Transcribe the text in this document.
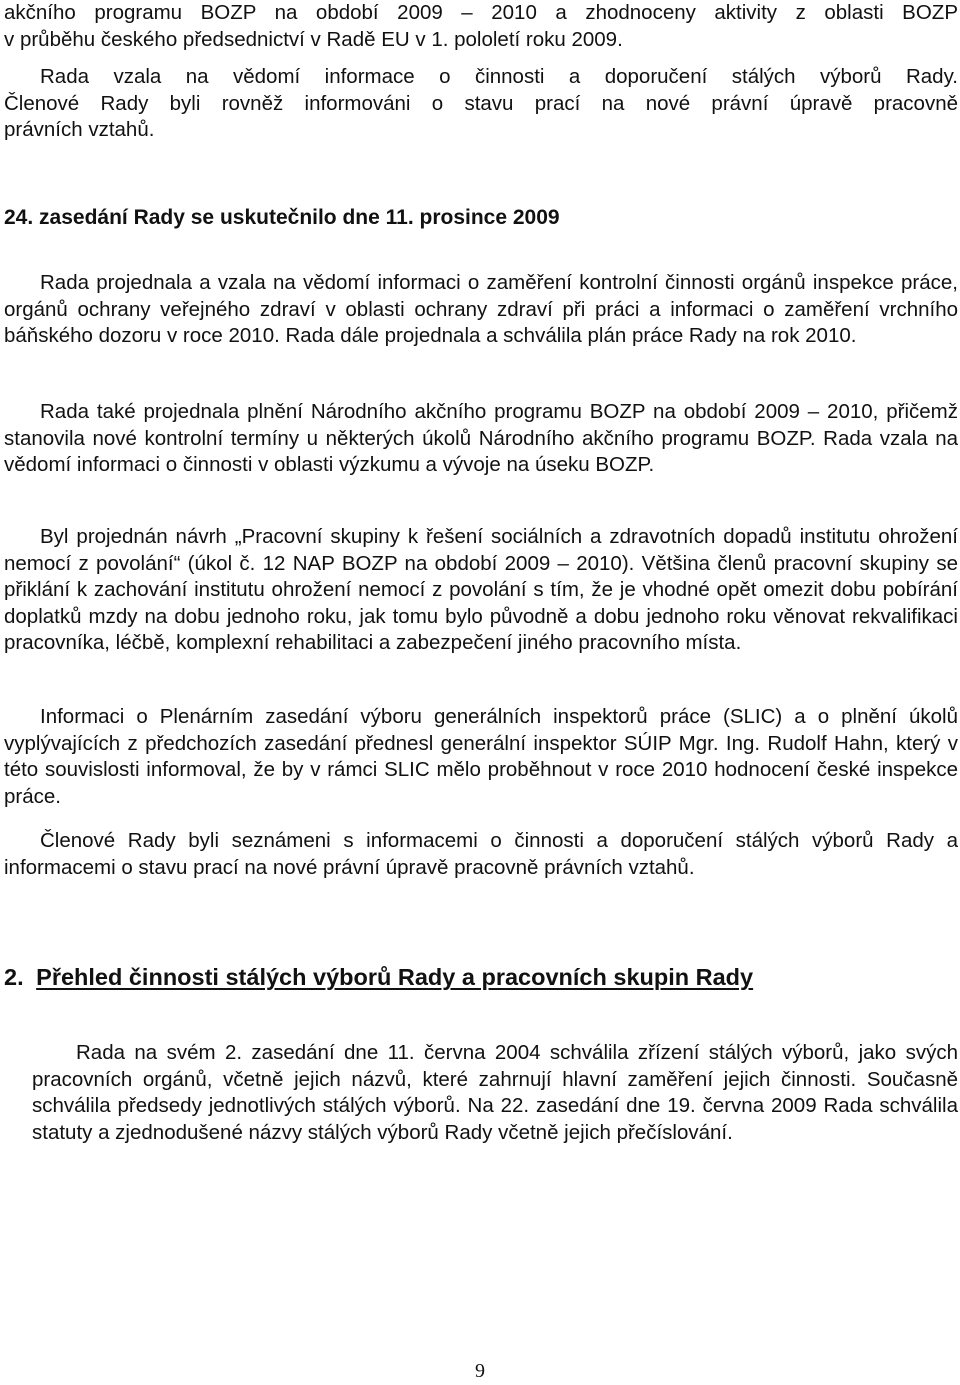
akčního programu BOZP na období 2009 – 2010 a zhodnoceny aktivity z oblasti BOZP

v průběhu českého předsednictví v Radě EU v 1. pololetí roku 2009.

Rada vzala na vědomí informace o činnosti a doporučení stálých výborů Rady.

Členové Rady byli rovněž informováni o stavu prací na nové právní úpravě pracovně

právních vztahů.

24. zasedání Rady se uskutečnilo dne 11. prosince 2009

Rada projednala a vzala na vědomí informaci o zaměření kontrolní činnosti orgánů inspekce práce, orgánů ochrany veřejného zdraví v oblasti ochrany zdraví při práci a informaci o zaměření vrchního báňského dozoru v roce 2010. Rada dále projednala a schválila plán práce Rady na rok 2010.

Rada také projednala plnění Národního akčního programu BOZP na období 2009 – 2010, přičemž stanovila nové kontrolní termíny u některých úkolů Národního akčního programu BOZP. Rada vzala na vědomí informaci o činnosti v oblasti výzkumu a vývoje na úseku BOZP.

Byl projednán návrh „Pracovní skupiny k řešení sociálních a zdravotních dopadů institutu ohrožení nemocí z povolání“ (úkol č. 12 NAP BOZP na období 2009 – 2010). Většina členů pracovní skupiny se přiklání k zachování institutu ohrožení nemocí z povolání s tím, že je vhodné opět omezit dobu pobírání doplatků mzdy na dobu jednoho roku, jak tomu bylo původně a dobu jednoho roku věnovat rekvalifikaci pracovníka, léčbě, komplexní rehabilitaci a zabezpečení jiného pracovního místa.

Informaci o Plenárním zasedání výboru generálních inspektorů práce (SLIC) a o plnění úkolů vyplývajících z předchozích zasedání přednesl generální inspektor SÚIP Mgr. Ing. Rudolf Hahn, který v této souvislosti informoval, že by v rámci SLIC mělo proběhnout v roce 2010 hodnocení české inspekce práce.

Členové Rady byli seznámeni s informacemi o činnosti a doporučení stálých výborů Rady a informacemi o stavu prací na nové právní úpravě pracovně právních vztahů.

2. Přehled činnosti stálých výborů Rady a pracovních skupin Rady

Rada na svém 2. zasedání dne 11. června 2004 schválila zřízení stálých výborů, jako svých pracovních orgánů, včetně jejich názvů, které zahrnují hlavní zaměření jejich činnosti. Současně schválila předsedy jednotlivých stálých výborů. Na 22. zasedání dne 19. června 2009 Rada schválila statuty a zjednodušené názvy stálých výborů Rady včetně jejich přečíslování.

9
